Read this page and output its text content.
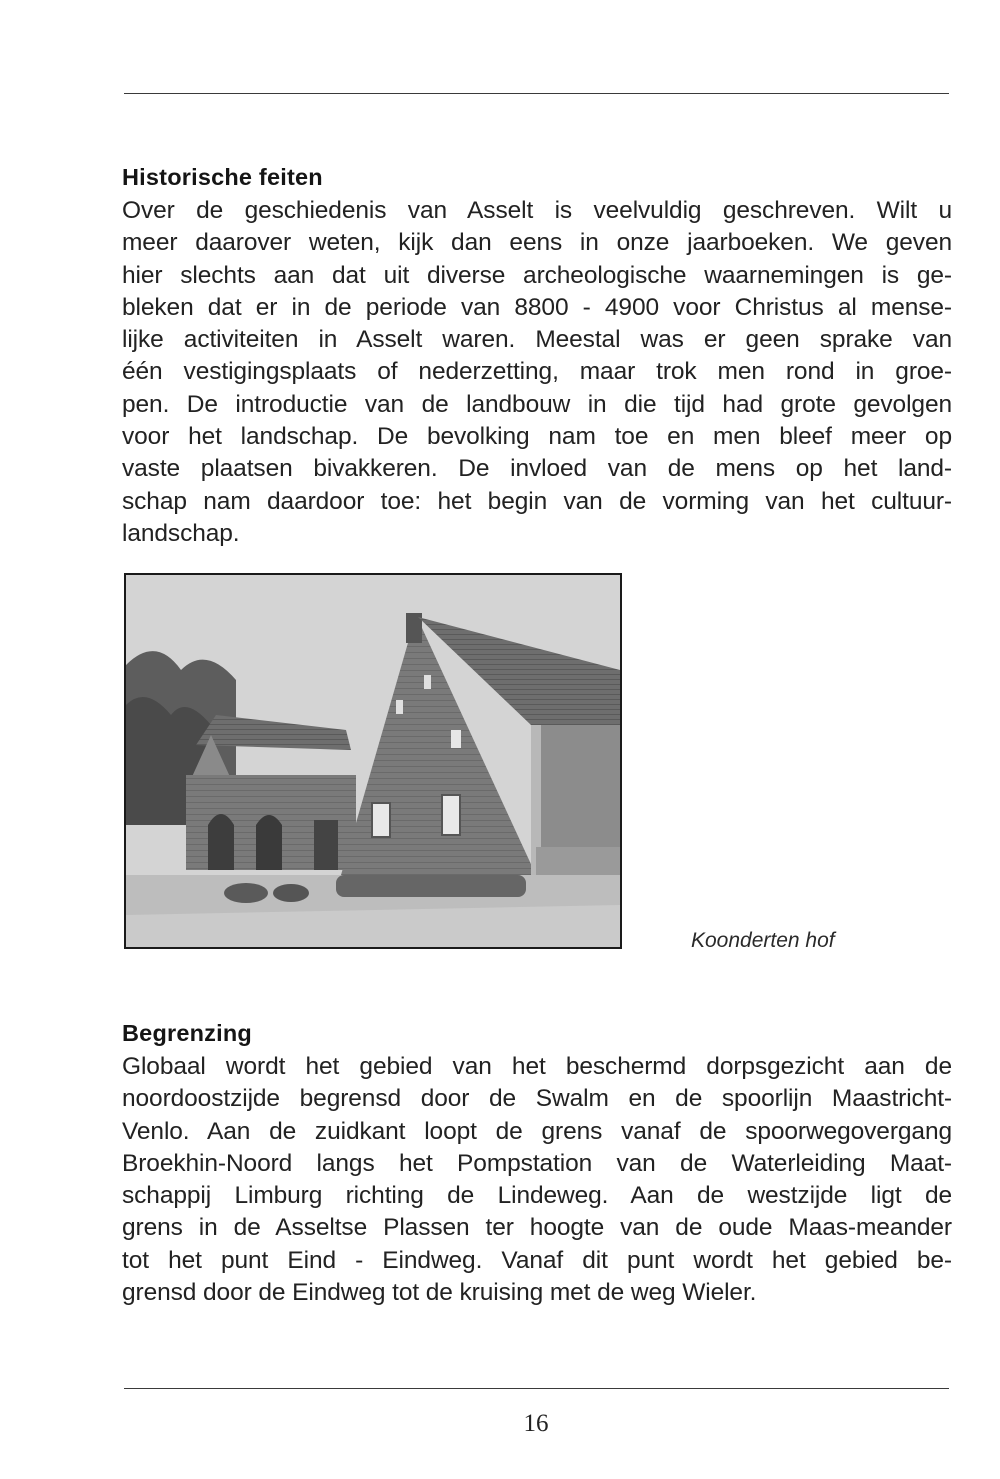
Historische feiten

Over de geschiedenis van Asselt is veelvuldig geschreven. Wilt u
meer daarover weten, kijk dan eens in onze jaarboeken. We geven
hier slechts aan dat uit diverse archeologische waarnemingen is ge-
bleken dat er in de periode van 8800 - 4900 voor Christus al mense-
lijke activiteiten in Asselt waren. Meestal was er geen sprake van
één vestigingsplaats of nederzetting, maar trok men rond in groe-
pen. De introductie van de landbouw in die tijd had grote gevolgen
voor het landschap. De bevolking nam toe en men bleef meer op
vaste plaatsen bivakkeren. De invloed van de mens op het land-
schap nam daardoor toe: het begin van de vorming van het cultuur-
landschap.

Koonderten hof
Begrenzing

Globaal wordt het gebied van het beschermd dorpsgezicht aan de
noordoostzijde begrensd door de Swalm en de spoorlijn Maastricht-
Venlo. Aan de zuidkant loopt de grens vanaf de spoorwegovergang
Broekhin-Noord langs het Pompstation van de Waterleiding Maat-
schappij Limburg richting de Lindeweg. Aan de westzijde ligt de
grens in de Asseltse Plassen ter hoogte van de oude Maas-meander
tot het punt Eind - Eindweg. Vanaf dit punt wordt het gebied be-
grensd door de Eindweg tot de kruising met de weg Wieler.

16
